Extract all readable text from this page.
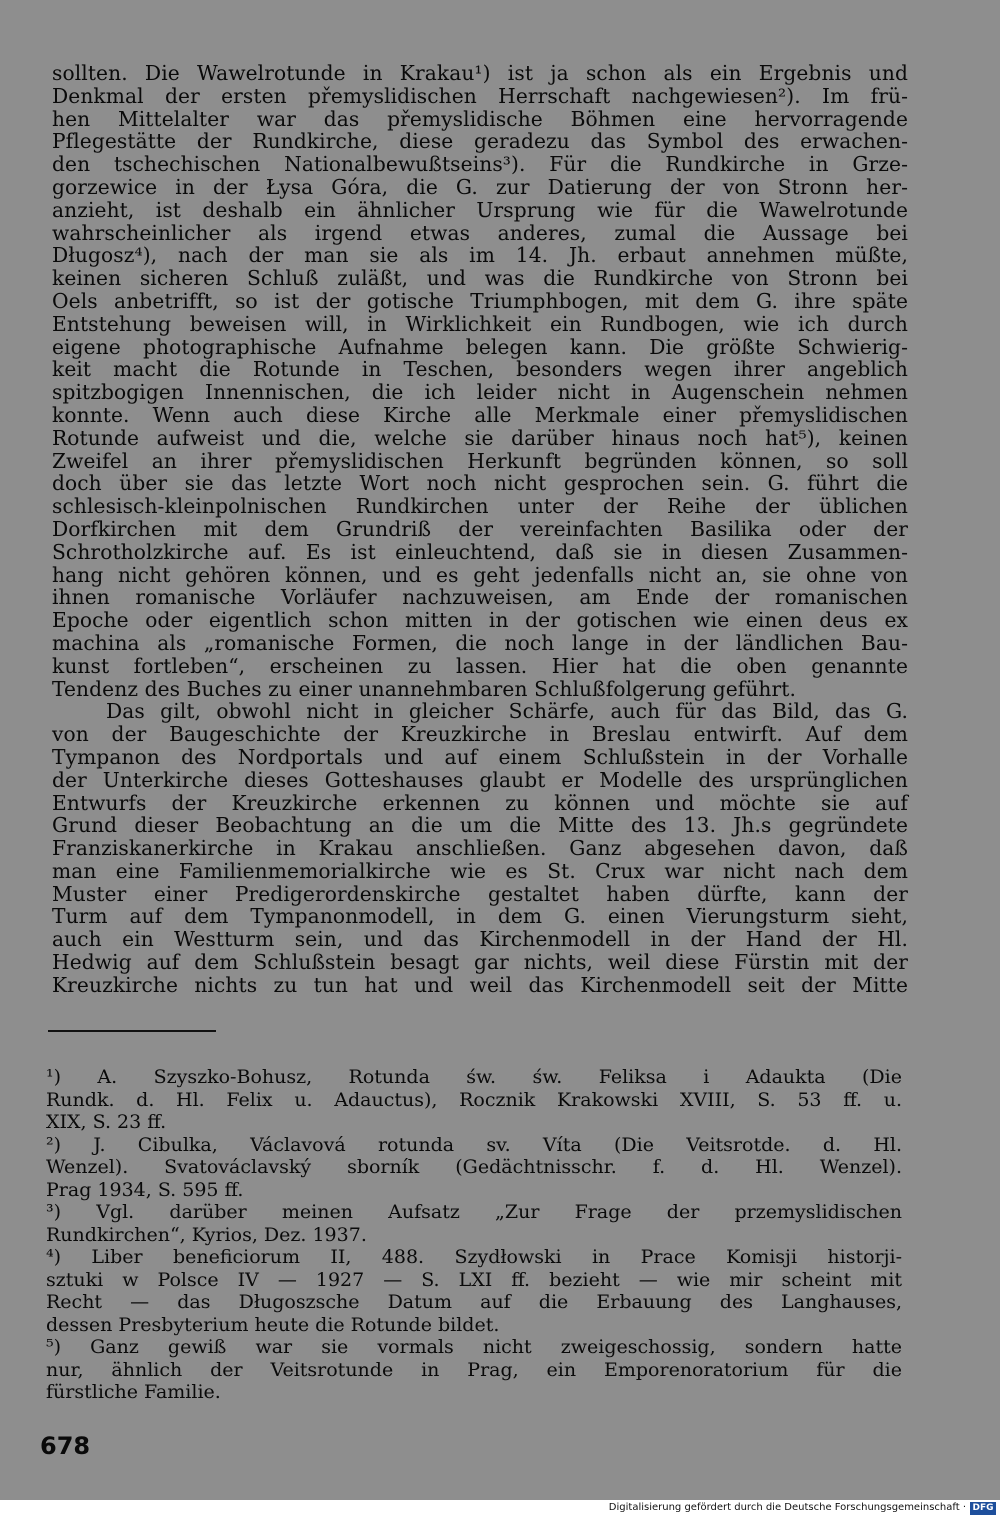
sollten. Die Wawelrotunde in Krakau¹) ist ja schon als ein Ergebnis und
Denkmal der ersten přemyslidischen Herrschaft nachgewiesen²). Im frü-
hen Mittelalter war das přemyslidische Böhmen eine hervorragende
Pflegestätte der Rundkirche, diese geradezu das Symbol des erwachen-
den tschechischen Nationalbewußtseins³). Für die Rundkirche in Grze-
gorzewice in der Łysa Góra, die G. zur Datierung der von Stronn her-
anzieht, ist deshalb ein ähnlicher Ursprung wie für die Wawelrotunde
wahrscheinlicher als irgend etwas anderes, zumal die Aussage bei
Długosz⁴), nach der man sie als im 14. Jh. erbaut annehmen müßte,
keinen sicheren Schluß zuläßt, und was die Rundkirche von Stronn bei
Oels anbetrifft, so ist der gotische Triumphbogen, mit dem G. ihre späte
Entstehung beweisen will, in Wirklichkeit ein Rundbogen, wie ich durch
eigene photographische Aufnahme belegen kann. Die größte Schwierig-
keit macht die Rotunde in Teschen, besonders wegen ihrer angeblich
spitzbogigen Innennischen, die ich leider nicht in Augenschein nehmen
konnte. Wenn auch diese Kirche alle Merkmale einer přemyslidischen
Rotunde aufweist und die, welche sie darüber hinaus noch hat⁵), keinen
Zweifel an ihrer přemyslidischen Herkunft begründen können, so soll
doch über sie das letzte Wort noch nicht gesprochen sein. G. führt die
schlesisch-kleinpolnischen Rundkirchen unter der Reihe der üblichen
Dorfkirchen mit dem Grundriß der vereinfachten Basilika oder der
Schrotholzkirche auf. Es ist einleuchtend, daß sie in diesen Zusammen-
hang nicht gehören können, und es geht jedenfalls nicht an, sie ohne von
ihnen romanische Vorläufer nachzuweisen, am Ende der romanischen
Epoche oder eigentlich schon mitten in der gotischen wie einen deus ex
machina als „romanische Formen, die noch lange in der ländlichen Bau-
kunst fortleben“, erscheinen zu lassen. Hier hat die oben genannte
Tendenz des Buches zu einer unannehmbaren Schlußfolgerung geführt.
Das gilt, obwohl nicht in gleicher Schärfe, auch für das Bild, das G.
von der Baugeschichte der Kreuzkirche in Breslau entwirft. Auf dem
Tympanon des Nordportals und auf einem Schlußstein in der Vorhalle
der Unterkirche dieses Gotteshauses glaubt er Modelle des ursprünglichen
Entwurfs der Kreuzkirche erkennen zu können und möchte sie auf
Grund dieser Beobachtung an die um die Mitte des 13. Jh.s gegründete
Franziskanerkirche in Krakau anschließen. Ganz abgesehen davon, daß
man eine Familienmemorialkirche wie es St. Crux war nicht nach dem
Muster einer Predigerordenskirche gestaltet haben dürfte, kann der
Turm auf dem Tympanonmodell, in dem G. einen Vierungsturm sieht,
auch ein Westturm sein, und das Kirchenmodell in der Hand der Hl.
Hedwig auf dem Schlußstein besagt gar nichts, weil diese Fürstin mit der
Kreuzkirche nichts zu tun hat und weil das Kirchenmodell seit der Mitte
¹) A. Szyszko-Bohusz, Rotunda św. św. Feliksa i Adaukta (Die
Rundk. d. Hl. Felix u. Adauctus), Rocznik Krakowski XVIII, S. 53 ff. u.
XIX, S. 23 ff.
²) J. Cibulka, Václavová rotunda sv. Víta (Die Veitsrotde. d. Hl.
Wenzel). Svatováclavský sborník (Gedächtnisschr. f. d. Hl. Wenzel).
Prag 1934, S. 595 ff.
³) Vgl. darüber meinen Aufsatz „Zur Frage der przemyslidischen
Rundkirchen“, Kyrios, Dez. 1937.
⁴) Liber beneficiorum II, 488. Szydłowski in Prace Komisji historji-
sztuki w Polsce IV — 1927 — S. LXI ff. bezieht — wie mir scheint mit
Recht — das Długoszsche Datum auf die Erbauung des Langhauses,
dessen Presbyterium heute die Rotunde bildet.
⁵) Ganz gewiß war sie vormals nicht zweigeschossig, sondern hatte
nur, ähnlich der Veitsrotunde in Prag, ein Emporenoratorium für die
fürstliche Familie.
678
Digitalisierung gefördert durch die Deutsche Forschungsgemeinschaft · DFG
